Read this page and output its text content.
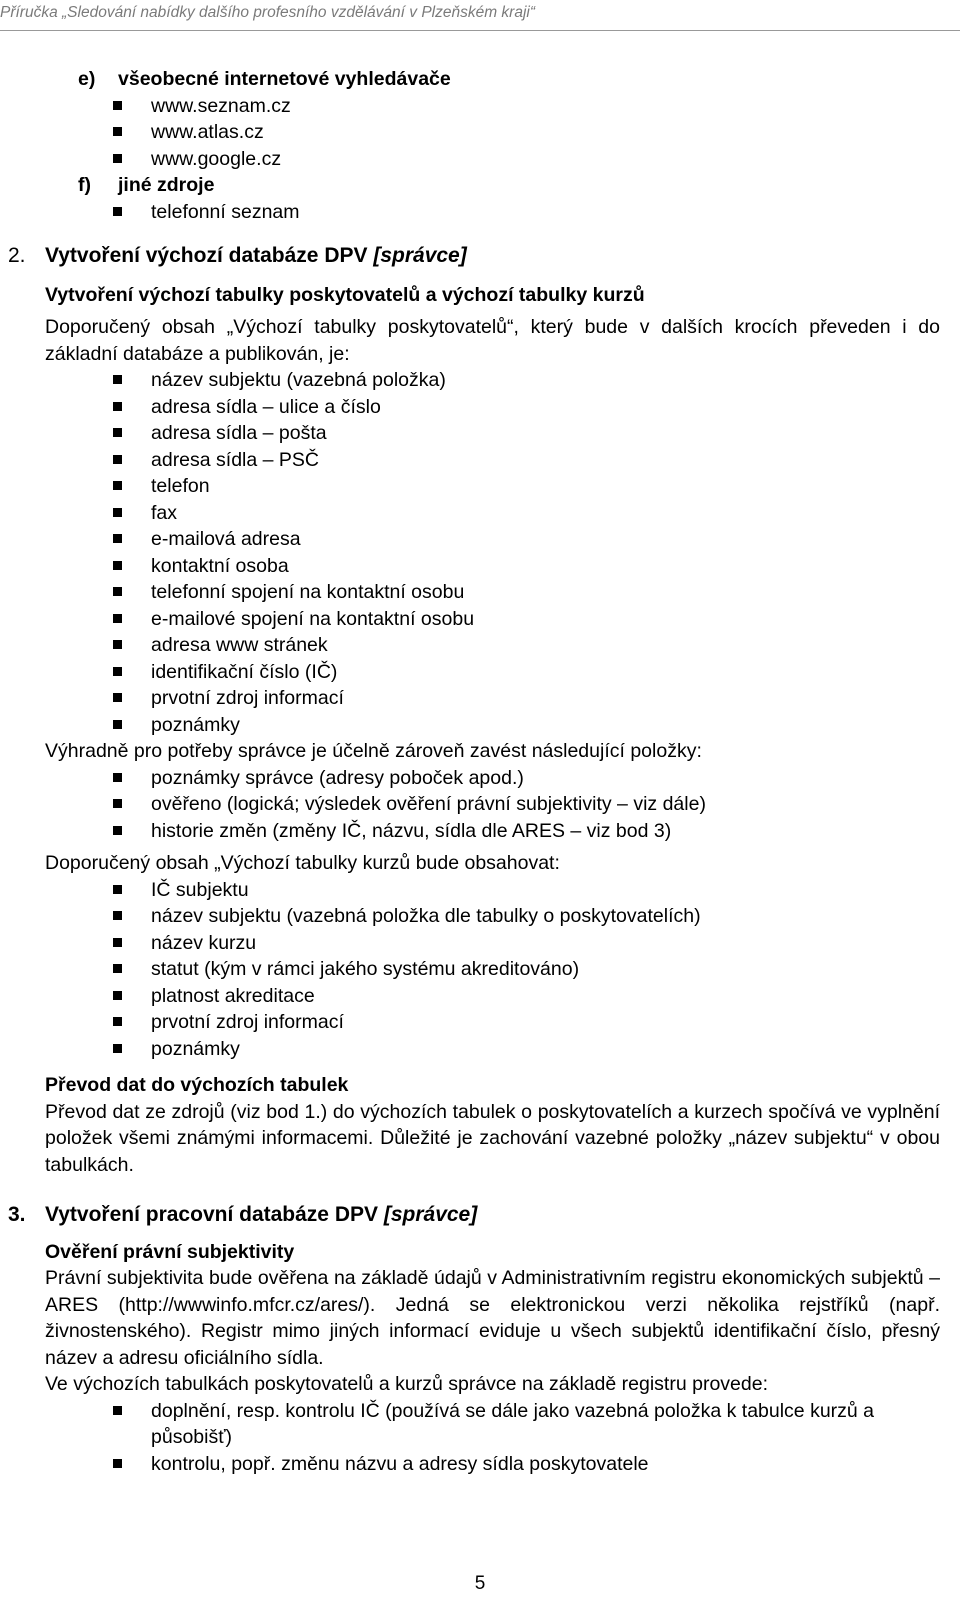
Příručka „Sledování nabídky dalšího profesního vzdělávání v Plzeňském kraji“
e)	všeobecné internetové vyhledávače
www.seznam.cz
www.atlas.cz
www.google.cz
f)	jiné zdroje
telefonní seznam
2. Vytvoření výchozí databáze DPV [správce]
Vytvoření výchozí tabulky poskytovatelů a výchozí tabulky kurzů
Doporučený obsah „Výchozí tabulky poskytovatelů“, který bude v dalších krocích převeden i do základní databáze a publikován, je:
název subjektu (vazebná položka)
adresa sídla – ulice a číslo
adresa sídla – pošta
adresa sídla – PSČ
telefon
fax
e-mailová adresa
kontaktní osoba
telefonní spojení na kontaktní osobu
e-mailové spojení na kontaktní osobu
adresa www stránek
identifikační číslo (IČ)
prvotní zdroj informací
poznámky
Výhradně pro potřeby správce je účelně zároveň zavést následující položky:
poznámky správce (adresy poboček apod.)
ověřeno (logická; výsledek ověření právní subjektivity – viz dále)
historie změn (změny IČ, názvu, sídla dle ARES – viz bod 3)
Doporučený obsah „Výchozí tabulky kurzů bude obsahovat:
IČ subjektu
název subjektu (vazebná položka dle tabulky o poskytovatelích)
název kurzu
statut (kým v rámci jakého systému akreditováno)
platnost akreditace
prvotní zdroj informací
poznámky
Převod dat do výchozích tabulek
Převod dat ze zdrojů (viz bod 1.) do výchozích tabulek o poskytovatelích a kurzech spočívá ve vyplnění položek všemi známými informacemi. Důležité je zachování vazebné položky „název subjektu“ v obou tabulkách.
3. Vytvoření pracovní databáze DPV [správce]
Ověření právní subjektivity
Právní subjektivita bude ověřena na základě údajů v Administrativním registru ekonomických subjektů – ARES (http://wwwinfo.mfcr.cz/ares/). Jedná se elektronickou verzi několika rejstříků (např. živnostenského). Registr mimo jiných informací eviduje u všech subjektů identifikační číslo, přesný název a adresu oficiálního sídla.
Ve výchozích tabulkách poskytovatelů a kurzů správce na základě registru provede:
doplnění, resp. kontrolu IČ (používá se dále jako vazebná položka k tabulce kurzů a působišť)
kontrolu, popř. změnu názvu a adresy sídla poskytovatele
5
